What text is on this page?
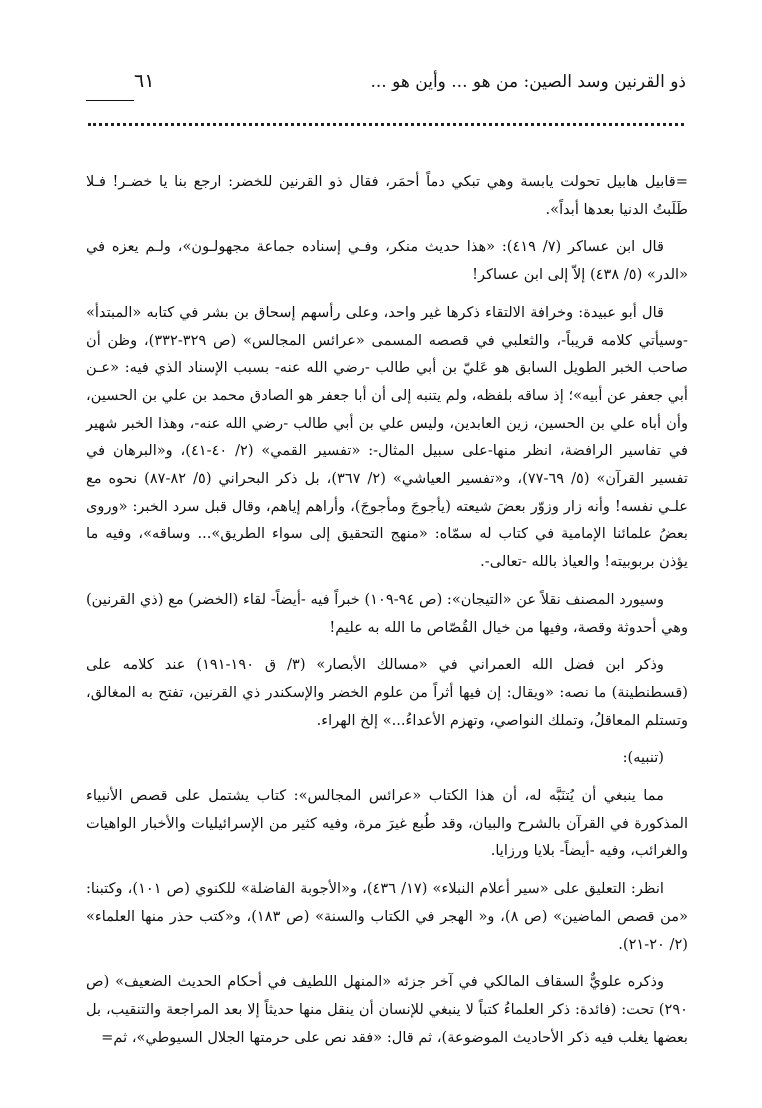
ذو القرنين وسد الصين: من هو ... وأين هو ...
٦١

=قابيل هابيل تحولت يابسة وهي تبكي دماً أحمَر، فقال ذو القرنين للخضر: ارجع بنا يا خضـر! فـلا طَلَبتُ الدنيا بعدها أبداً».

قال ابن عساكر (٧/ ٤١٩): «هذا حديث منكر، وفـي إسناده جماعة مجهولـون»، ولـم يعزه في «الدر» (٥/ ٤٣٨) إلاّ إلى ابن عساكر!

قال أبو عبيدة: وخرافة الالتقاء ذكرها غير واحد، وعلى رأسهم إسحاق بن بشر في كتابه «المبتدأ» -وسيأتي كلامه قريباً-، والثعلبي في قصصه المسمى «عرائس المجالس» (ص ٣٢٩-٣٣٢)، وظن أن صاحب الخبر الطويل السابق هو عَليّ بن أبي طالب -رضي الله عنه- بسبب الإسناد الذي فيه: «عـن أبي جعفر عن أبيه»؛ إذ ساقه بلفظه، ولم يتنبه إلى أن أبا جعفر هو الصادق محمد بن علي بن الحسين، وأن أباه علي بن الحسين، زين العابدين، وليس علي بن أبي طالب -رضي الله عنه-، وهذا الخبر شهير في تفاسير الرافضة، انظر منها-على سبيل المثال-: «تفسير القمي» (٢/ ٤٠-٤١)، و«البرهان في تفسير القرآن» (٥/ ٦٩-٧٧)، و«تفسير العياشي» (٢/ ٣٦٧)، بل ذكر البحراني (٥/ ٨٢-٨٧) نحوه مع علـي نفسه! وأنه زار وزوّر بعضَ شيعته (يأجوجَ ومأجوجَ)، وأراهم إياهم، وقال قبل سرد الخبر: «وروى بعضُ علمائنا الإمامية في كتاب له سمّاه: «منهج التحقيق إلى سواء الطريق»... وساقه»، وفيه ما يؤذن بربوبيته! والعياذ بالله -تعالى-.

وسيورد المصنف نقلاً عن «التيجان»: (ص ٩٤-١٠٩) خبراً فيه -أيضاً- لقاء (الخضر) مع (ذي القرنين) وهي أحدوثة وقصة، وفيها من خيال القُصّاص ما الله به عليم!

وذكر ابن فضل الله العمراني في «مسالك الأبصار» (٣/ ق ١٩٠-١٩١) عند كلامه على (قسطنطينة) ما نصه: «ويقال: إن فيها أثراً من علوم الخضر والإسكندر ذي القرنين، تفتح به المغالق، وتستلم المعاقلُ، وتملك النواصي، وتهزم الأعداءُ...» إلخ الهراء.

(تنبيه):

مما ينبغي أن يُتنَبَّه له، أن هذا الكتاب «عرائس المجالس»: كتاب يشتمل على قصص الأنبياء المذكورة في القرآن بالشرح والبيان، وقد طُبع غيرَ مرة، وفيه كثير من الإسرائيليات والأخبار الواهيات والغرائب، وفيه -أيضاً- بلايا ورزايا.

انظر: التعليق على «سير أعلام النبلاء» (١٧/ ٤٣٦)، و«الأجوبة الفاضلة» للكنوي (ص ١٠١)، وكتبنا: «من قصص الماضين» (ص ٨)، و« الهجر في الكتاب والسنة» (ص ١٨٣)، و«كتب حذر منها العلماء» (٢/ ٢٠-٢١).

وذكره علويٌّ السقاف المالكي في آخر جزئه «المنهل اللطيف في أحكام الحديث الضعيف» (ص ٢٩٠) تحت: (فائدة: ذكر العلماءُ كتباً لا ينبغي للإنسان أن ينقل منها حديثاً إلا بعد المراجعة والتنقيب، بل بعضها يغلب فيه ذكر الأحاديث الموضوعة)، ثم قال: «فقد نص على حرمتها الجلال السيوطي»، ثم=
